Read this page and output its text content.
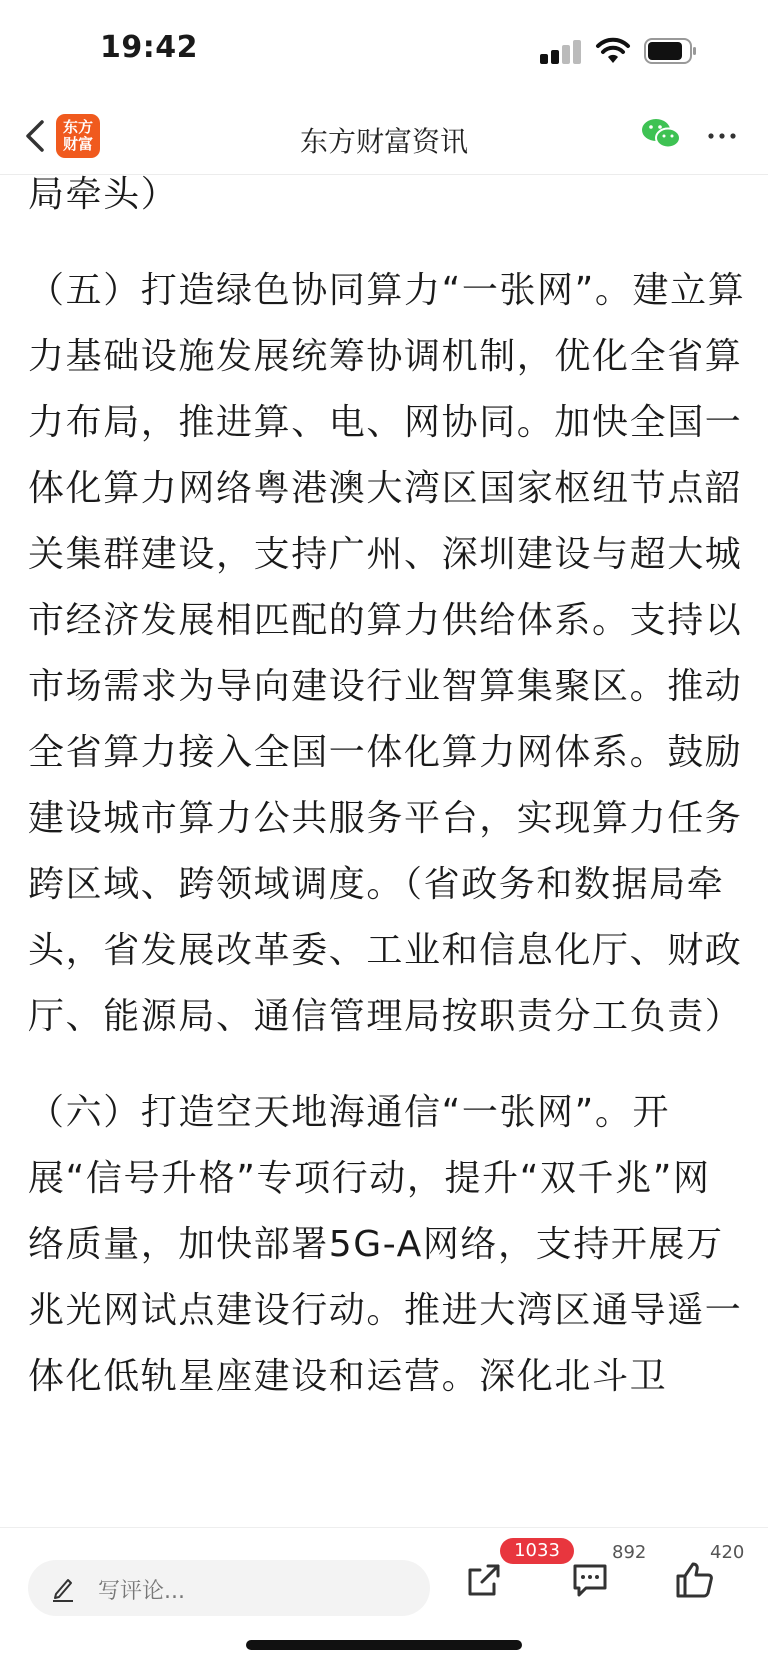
19:42
东方
财富	东方财富资讯

局牵头）

（五）打造绿色协同算力“一张网”。建立算力基础设施发展统筹协调机制，优化全省算力布局，推进算、电、网协同。加快全国一体化算力网络粤港澳大湾区国家枢纽节点韶关集群建设，支持广州、深圳建设与超大城市经济发展相匹配的算力供给体系。支持以市场需求为导向建设行业智算集聚区。推动全省算力接入全国一体化算力网体系。鼓励建设城市算力公共服务平台，实现算力任务跨区域、跨领域调度。（省政务和数据局牵头，省发展改革委、工业和信息化厅、财政厅、能源局、通信管理局按职责分工负责）

（六）打造空天地海通信“一张网”。开展“信号升格”专项行动，提升“双千兆”网络质量，加快部署5G-A网络，支持开展万兆光网试点建设行动。推进大湾区通导遥一体化低轨星座建设和运营。深化北斗卫

写评论...
1033	892	420
